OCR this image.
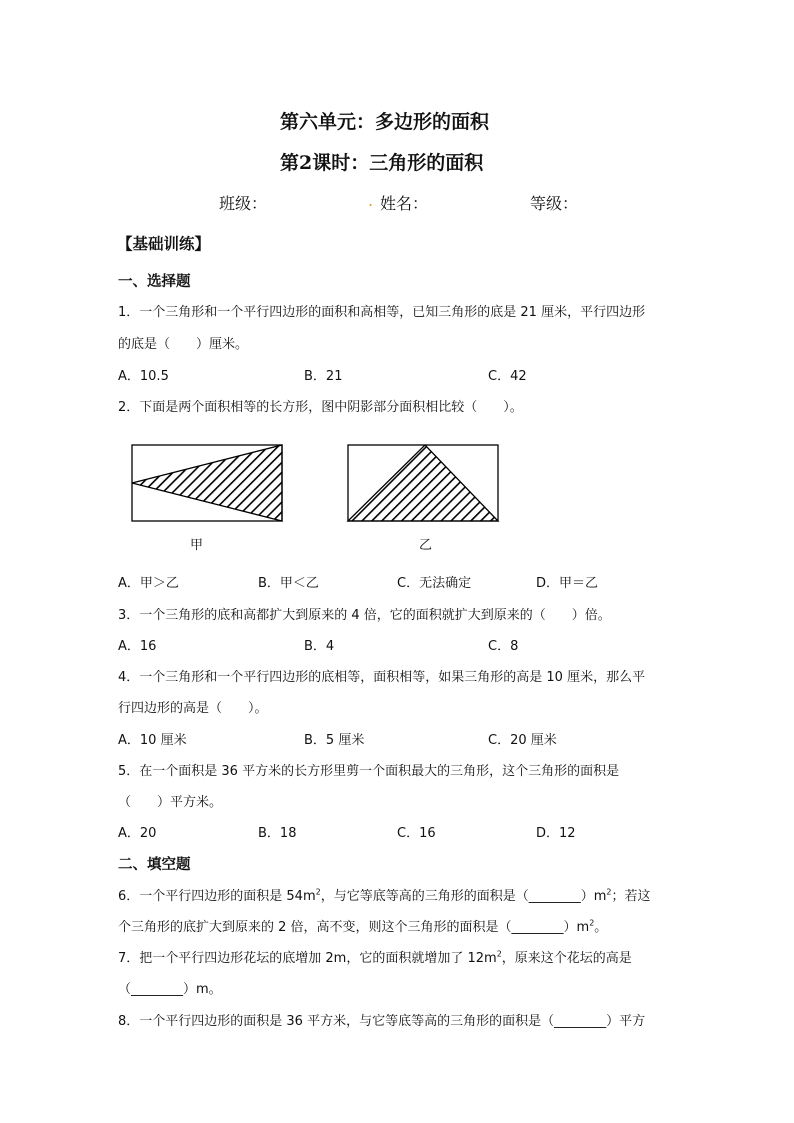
第六单元：多边形的面积
第2课时：三角形的面积
班级：	. 姓名：	等级：
【基础训练】
一、选择题
1．一个三角形和一个平行四边形的面积和高相等，已知三角形的底是 21 厘米，平行四边形
的底是（　　）厘米。
A．10.5	B．21	C．42
2．下面是两个面积相等的长方形，图中阴影部分面积相比较（　　）。
甲	乙
A．甲＞乙	B．甲＜乙	C．无法确定	D．甲＝乙
3．一个三角形的底和高都扩大到原来的 4 倍，它的面积就扩大到原来的（　　）倍。
A．16	B．4	C．8
4．一个三角形和一个平行四边形的底相等，面积相等，如果三角形的高是 10 厘米，那么平
行四边形的高是（　　）。
A．10 厘米	B．5 厘米	C．20 厘米
5．在一个面积是 36 平方米的长方形里剪一个面积最大的三角形，这个三角形的面积是
（　　）平方米。
A．20	B．18	C．16	D．12
二、填空题
6．一个平行四边形的面积是 $54m^2$，与它等底等高的三角形的面积是$(\_\_\_\_\_\_\_\_)m^2$；若这
个三角形的底扩大到原来的 2 倍，高不变，则这个三角形的面积是$(\_\_\_\_\_\_\_\_)m^2$。
7．把一个平行四边形花坛的底增加 2m，它的面积就增加了 $12m^2$，原来这个花坛的高是
（________）m。
8．一个平行四边形的面积是 36 平方米，与它等底等高的三角形的面积是（________）平方
